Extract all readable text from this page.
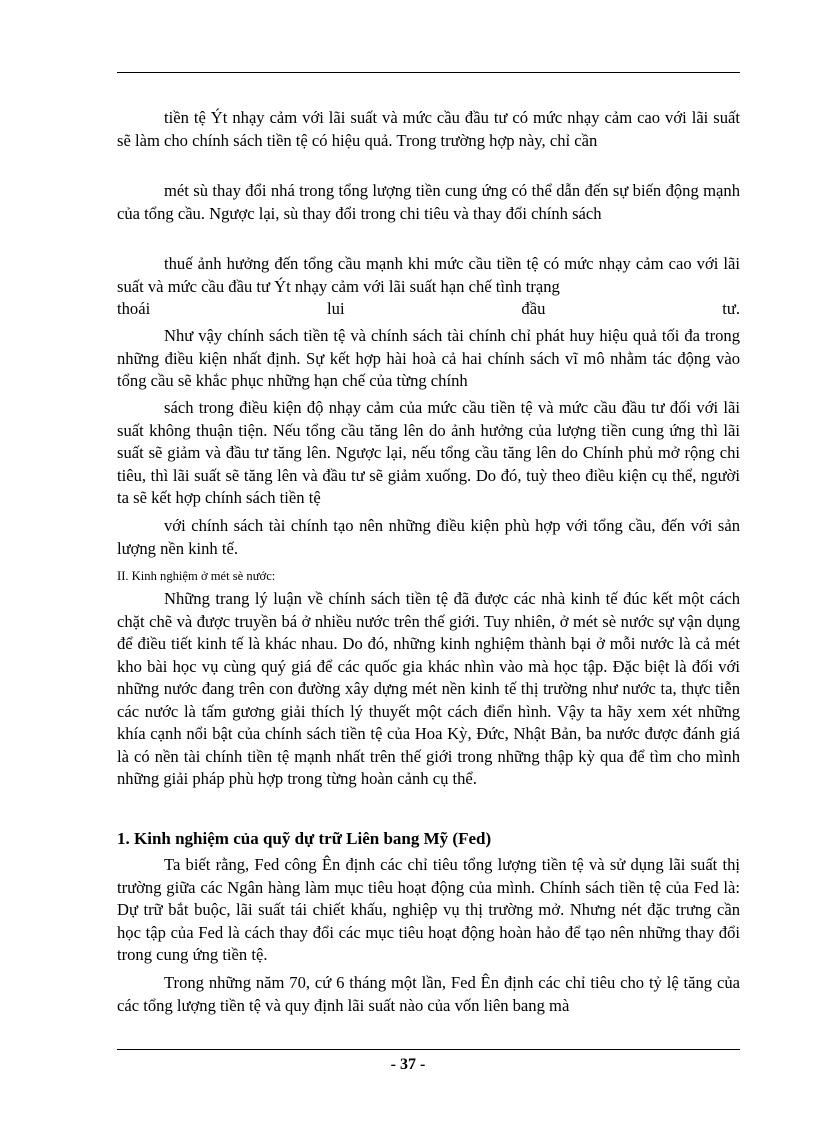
tiền tệ Ýt nhạy cảm với lãi suất và mức cầu đầu tư có mức nhạy cảm cao với lãi suất sẽ làm cho chính sách tiền tệ có hiệu quả. Trong trường hợp này, chỉ cần

mét sù thay đổi nhá trong tổng lượng tiền cung ứng có thể dẫn đến sự biến động mạnh của tổng cầu. Ngược lại, sù thay đổi trong chi tiêu và thay đổi chính sách

thuế ảnh hưởng đến tổng cầu mạnh khi mức cầu tiền tệ có mức nhạy cảm cao với lãi suất và mức cầu đầu tư Ýt nhạy cảm với lãi suất hạn chế tình trạng

thoái lui đầu tư.

Như vậy chính sách tiền tệ và chính sách tài chính chỉ phát huy hiệu quả tối đa trong những điều kiện nhất định. Sự kết hợp hài hoà cả hai chính sách vĩ mô nhằm tác động vào tổng cầu sẽ khắc phục những hạn chế của từng chính

sách trong điều kiện độ nhạy cảm của mức cầu tiền tệ và mức cầu đầu tư đối với lãi suất không thuận tiện. Nếu tổng cầu tăng lên do ảnh hưởng của lượng tiền cung ứng thì lãi suất sẽ giảm và đầu tư tăng lên. Ngược lại, nếu tổng cầu tăng lên do Chính phủ mở rộng chi tiêu, thì lãi suất sẽ tăng lên và đầu tư sẽ giảm xuống. Do đó, tuỳ theo điều kiện cụ thể, người ta sẽ kết hợp chính sách tiền tệ

với chính sách tài chính tạo nên những điều kiện phù hợp với tổng cầu, đến với sản lượng nền kinh tế.

II. Kinh nghiệm ở mét sè nước:

Những trang lý luận về chính sách tiền tệ đã được các nhà kinh tế đúc kết một cách chặt chẽ và được truyền bá ở nhiều nước trên thế giới. Tuy nhiên, ở mét sè nước sự vận dụng để điều tiết kinh tế là khác nhau. Do đó, những kinh nghiệm thành bại ở mỗi nước là cả mét kho bài học vụ cùng quý giá để các quốc gia khác nhìn vào mà học tập. Đặc biệt là đối với những nước đang trên con đường xây dựng mét nền kinh tế thị trường như nước ta, thực tiễn các nước là tấm gương giải thích lý thuyết một cách điển hình. Vậy ta hãy xem xét những khía cạnh nổi bật của chính sách tiền tệ của Hoa Kỳ, Đức, Nhật Bản, ba nước được đánh giá là có nền tài chính tiền tệ mạnh nhất trên thế giới trong những thập kỳ qua để tìm cho mình những giải pháp phù hợp trong từng hoàn cảnh cụ thể.

1. Kinh nghiệm của quỹ dự trữ Liên bang Mỹ (Fed)

Ta biết rằng, Fed công Ên định các chỉ tiêu tổng lượng tiền tệ và sử dụng lãi suất thị trường giữa các Ngân hàng làm mục tiêu hoạt động của mình. Chính sách tiền tệ của Fed là: Dự trữ bắt buộc, lãi suất tái chiết khấu, nghiệp vụ thị trường mở. Nhưng nét đặc trưng cần học tập của Fed là cách thay đổi các mục tiêu hoạt động hoàn hảo để tạo nên những thay đổi trong cung ứng tiền tệ.

Trong những năm 70, cứ 6 tháng một lần, Fed Ên định các chỉ tiêu cho tỷ lệ tăng của các tổng lượng tiền tệ và quy định lãi suất nào của vốn liên bang mà

- 37 -
